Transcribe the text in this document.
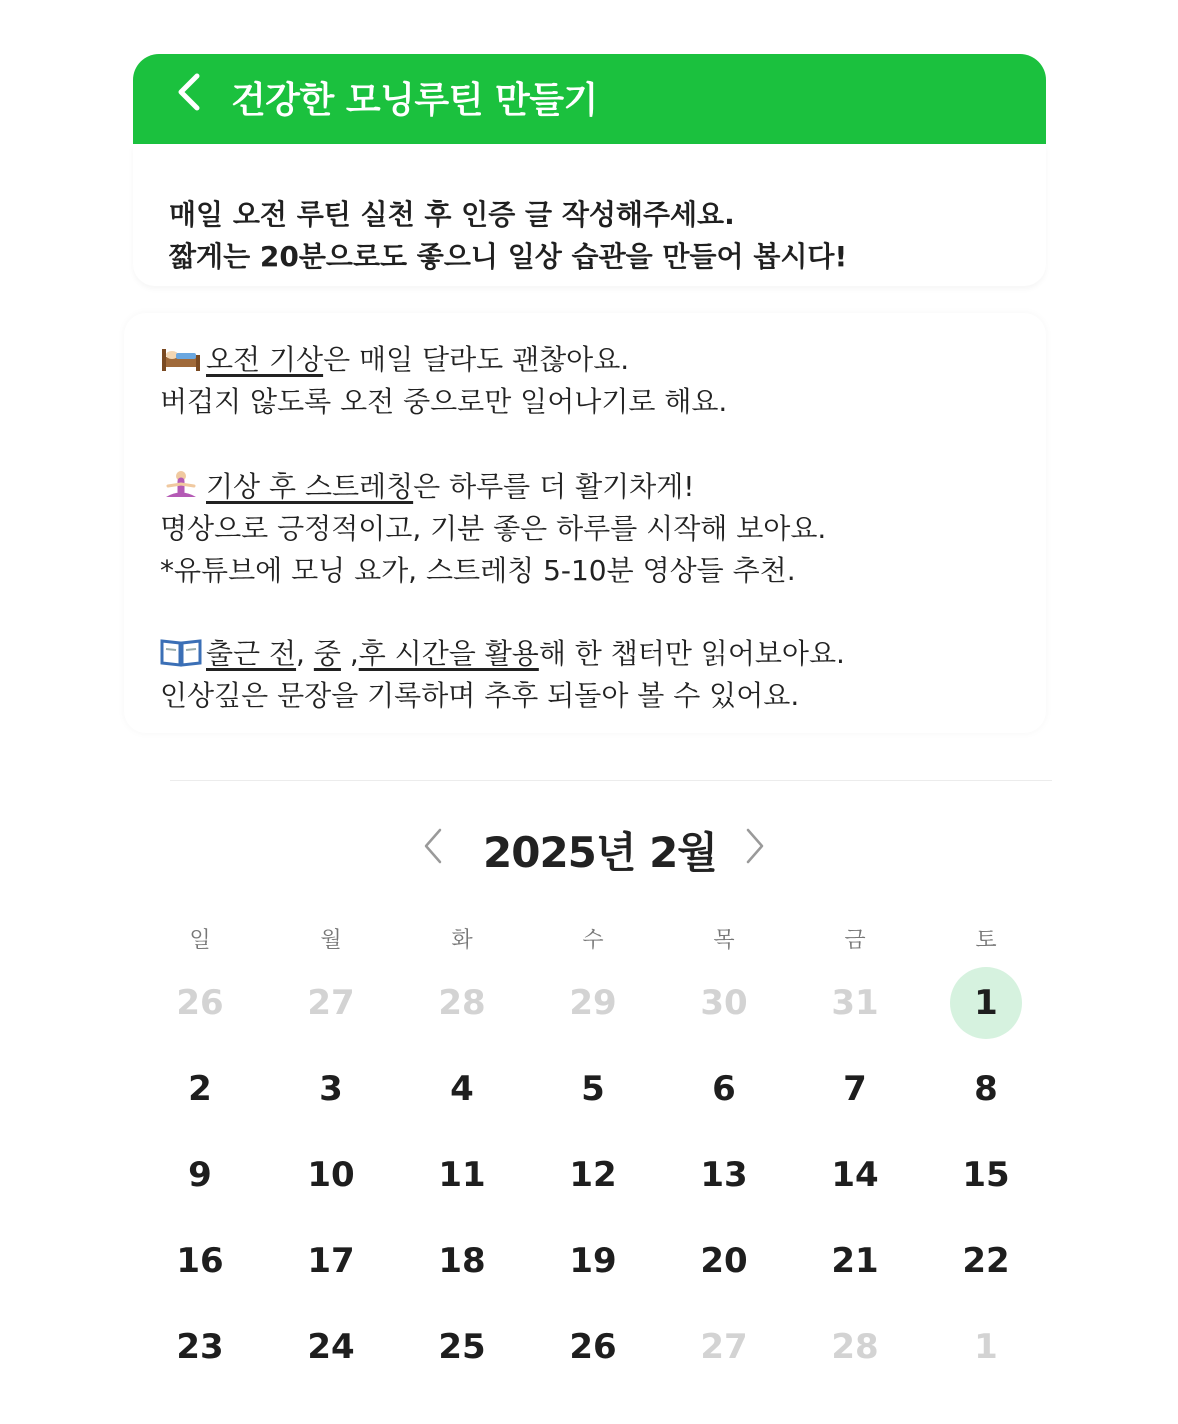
건강한 모닝루틴 만들기
매일 오전 루틴 실천 후 인증 글 작성해주세요.
짧게는 20분으로도 좋으니 일상 습관을 만들어 봅시다!
오전 기상은 매일 달라도 괜찮아요.
버겁지 않도록 오전 중으로만 일어나기로 해요.
기상 후 스트레칭은 하루를 더 활기차게!
명상으로 긍정적이고, 기분 좋은 하루를 시작해 보아요.
*유튜브에 모닝 요가, 스트레칭 5-10분 영상들 추천.
출근 전, 중 ,후 시간을 활용해 한 챕터만 읽어보아요.
인상깊은 문장을 기록하며 추후 되돌아 볼 수 있어요.
2025년 2월
일	월	화	수	목	금	토
26	27	28	29	30	31	1
2	3	4	5	6	7	8
9	10	11	12	13	14	15
16	17	18	19	20	21	22
23	24	25	26	27	28	1
